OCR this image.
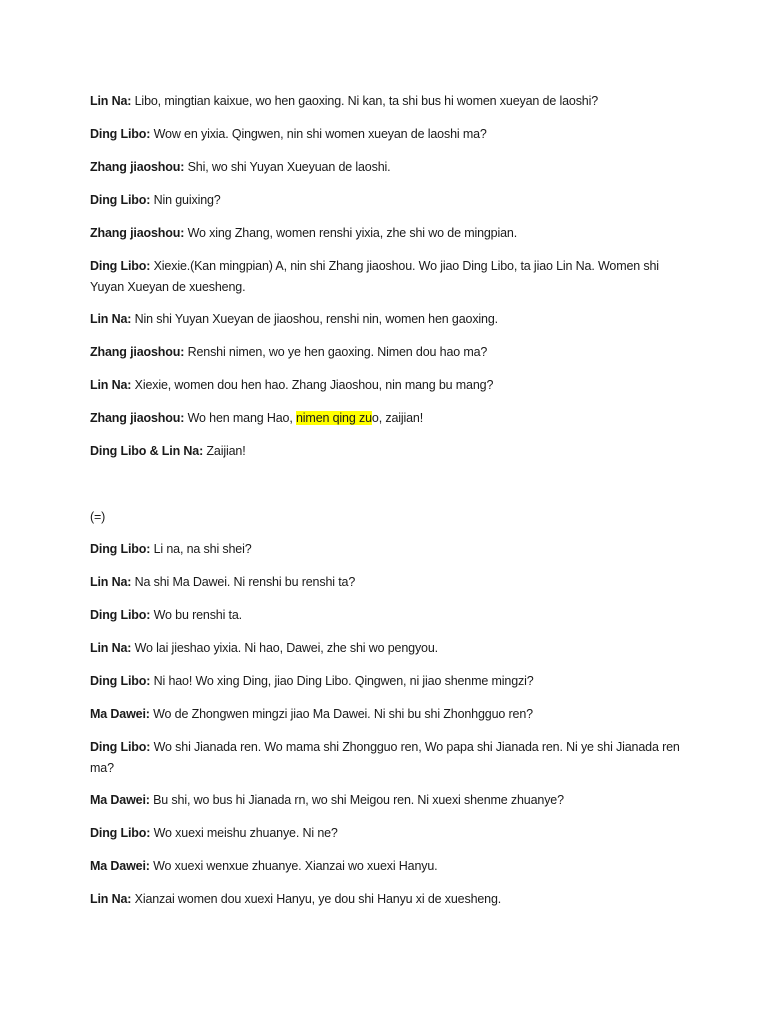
Lin Na: Libo, mingtian kaixue, wo hen gaoxing. Ni kan, ta shi bus hi women xueyan de laoshi?
Ding Libo: Wow en yixia. Qingwen, nin shi women xueyan de laoshi ma?
Zhang jiaoshou: Shi, wo shi Yuyan Xueyuan de laoshi.
Ding Libo: Nin guixing?
Zhang jiaoshou: Wo xing Zhang, women renshi yixia, zhe shi wo de mingpian.
Ding Libo: Xiexie.(Kan mingpian) A, nin shi Zhang jiaoshou. Wo jiao Ding Libo, ta jiao Lin Na. Women shi Yuyan Xueyan de xuesheng.
Lin Na: Nin shi Yuyan Xueyan de jiaoshou, renshi nin, women hen gaoxing.
Zhang jiaoshou: Renshi nimen, wo ye hen gaoxing. Nimen dou hao ma?
Lin Na: Xiexie, women dou hen hao. Zhang Jiaoshou, nin mang bu mang?
Zhang jiaoshou: Wo hen mang Hao, nimen qing zuo, zaijian!
Ding Libo & Lin Na: Zaijian!
(=)
Ding Libo: Li na, na shi shei?
Lin Na: Na shi Ma Dawei. Ni renshi bu renshi ta?
Ding Libo: Wo bu renshi ta.
Lin Na: Wo lai jieshao yixia. Ni hao, Dawei, zhe shi wo pengyou.
Ding Libo: Ni hao! Wo xing Ding, jiao Ding Libo. Qingwen, ni jiao shenme mingzi?
Ma Dawei: Wo de Zhongwen mingzi jiao Ma Dawei. Ni shi bu shi Zhonhgguo ren?
Ding Libo: Wo shi Jianada ren. Wo mama shi Zhongguo ren, Wo papa shi Jianada ren. Ni ye shi Jianada ren ma?
Ma Dawei: Bu shi, wo bus hi Jianada rn, wo shi Meigou ren. Ni xuexi shenme zhuanye?
Ding Libo: Wo xuexi meishu zhuanye. Ni ne?
Ma Dawei: Wo xuexi wenxue zhuanye. Xianzai wo xuexi Hanyu.
Lin Na: Xianzai women dou xuexi Hanyu, ye dou shi Hanyu xi de xuesheng.
